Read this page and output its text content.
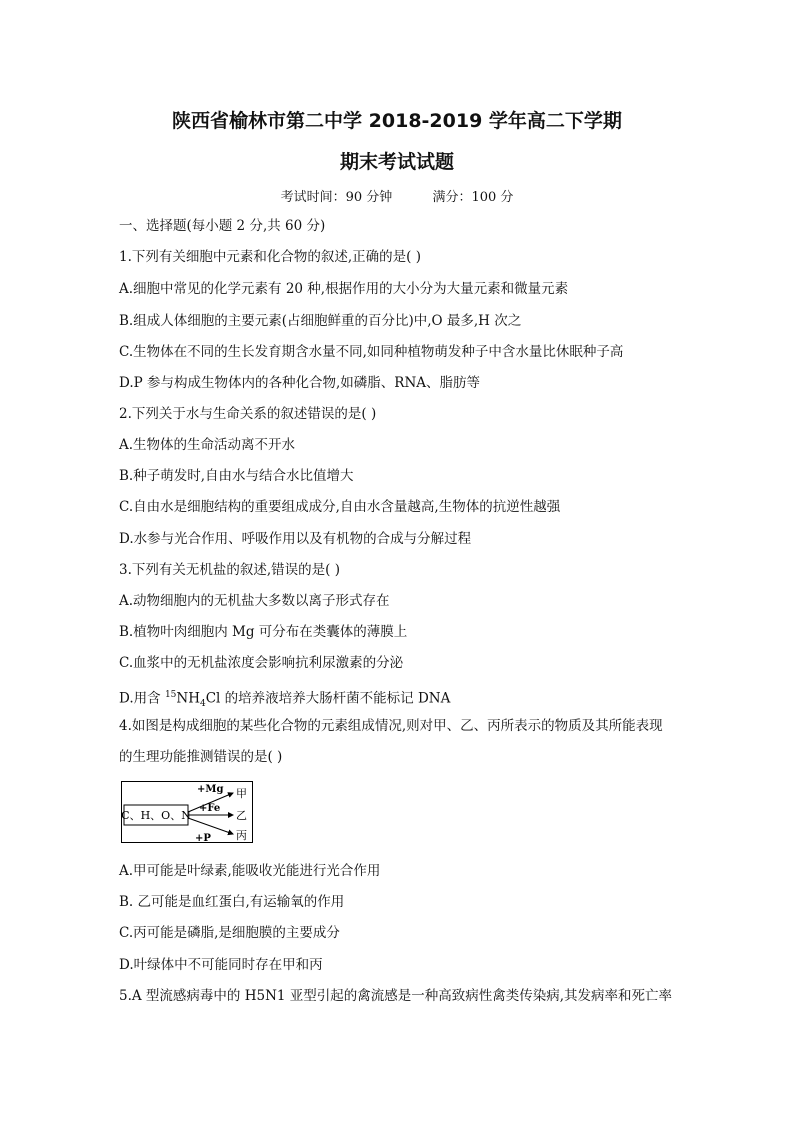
陕西省榆林市第二中学 2018-2019 学年高二下学期
期末考试试题
考试时间：90 分钟	满分：100 分
一、选择题(每小题 2 分,共 60 分)
1.下列有关细胞中元素和化合物的叙述,正确的是( )
A.细胞中常见的化学元素有 20 种,根据作用的大小分为大量元素和微量元素
B.组成人体细胞的主要元素(占细胞鲜重的百分比)中,O 最多,H 次之
C.生物体在不同的生长发育期含水量不同,如同种植物萌发种子中含水量比休眠种子高
D.P 参与构成生物体内的各种化合物,如磷脂、RNA、脂肪等
2.下列关于水与生命关系的叙述错误的是( )
A.生物体的生命活动离不开水
B.种子萌发时,自由水与结合水比值增大
C.自由水是细胞结构的重要组成成分,自由水含量越高,生物体的抗逆性越强
D.水参与光合作用、呼吸作用以及有机物的合成与分解过程
3.下列有关无机盐的叙述,错误的是( )
A.动物细胞内的无机盐大多数以离子形式存在
B.植物叶肉细胞内 Mg 可分布在类囊体的薄膜上
C.血浆中的无机盐浓度会影响抗利尿激素的分泌
D.用含 $^{15}NH_4Cl$ 的培养液培养大肠杆菌不能标记 DNA
4.如图是构成细胞的某些化合物的元素组成情况,则对甲、乙、丙所表示的物质及其所能表现
的生理功能推测错误的是( )
C、H、O、N
+Mg
+Fe
+P
甲
乙
丙
A.甲可能是叶绿素,能吸收光能进行光合作用
B. 乙可能是血红蛋白,有运输氧的作用
C.丙可能是磷脂,是细胞膜的主要成分
D.叶绿体中不可能同时存在甲和丙
5.A 型流感病毒中的 H5N1 亚型引起的禽流感是一种高致病性禽类传染病,其发病率和死亡率
